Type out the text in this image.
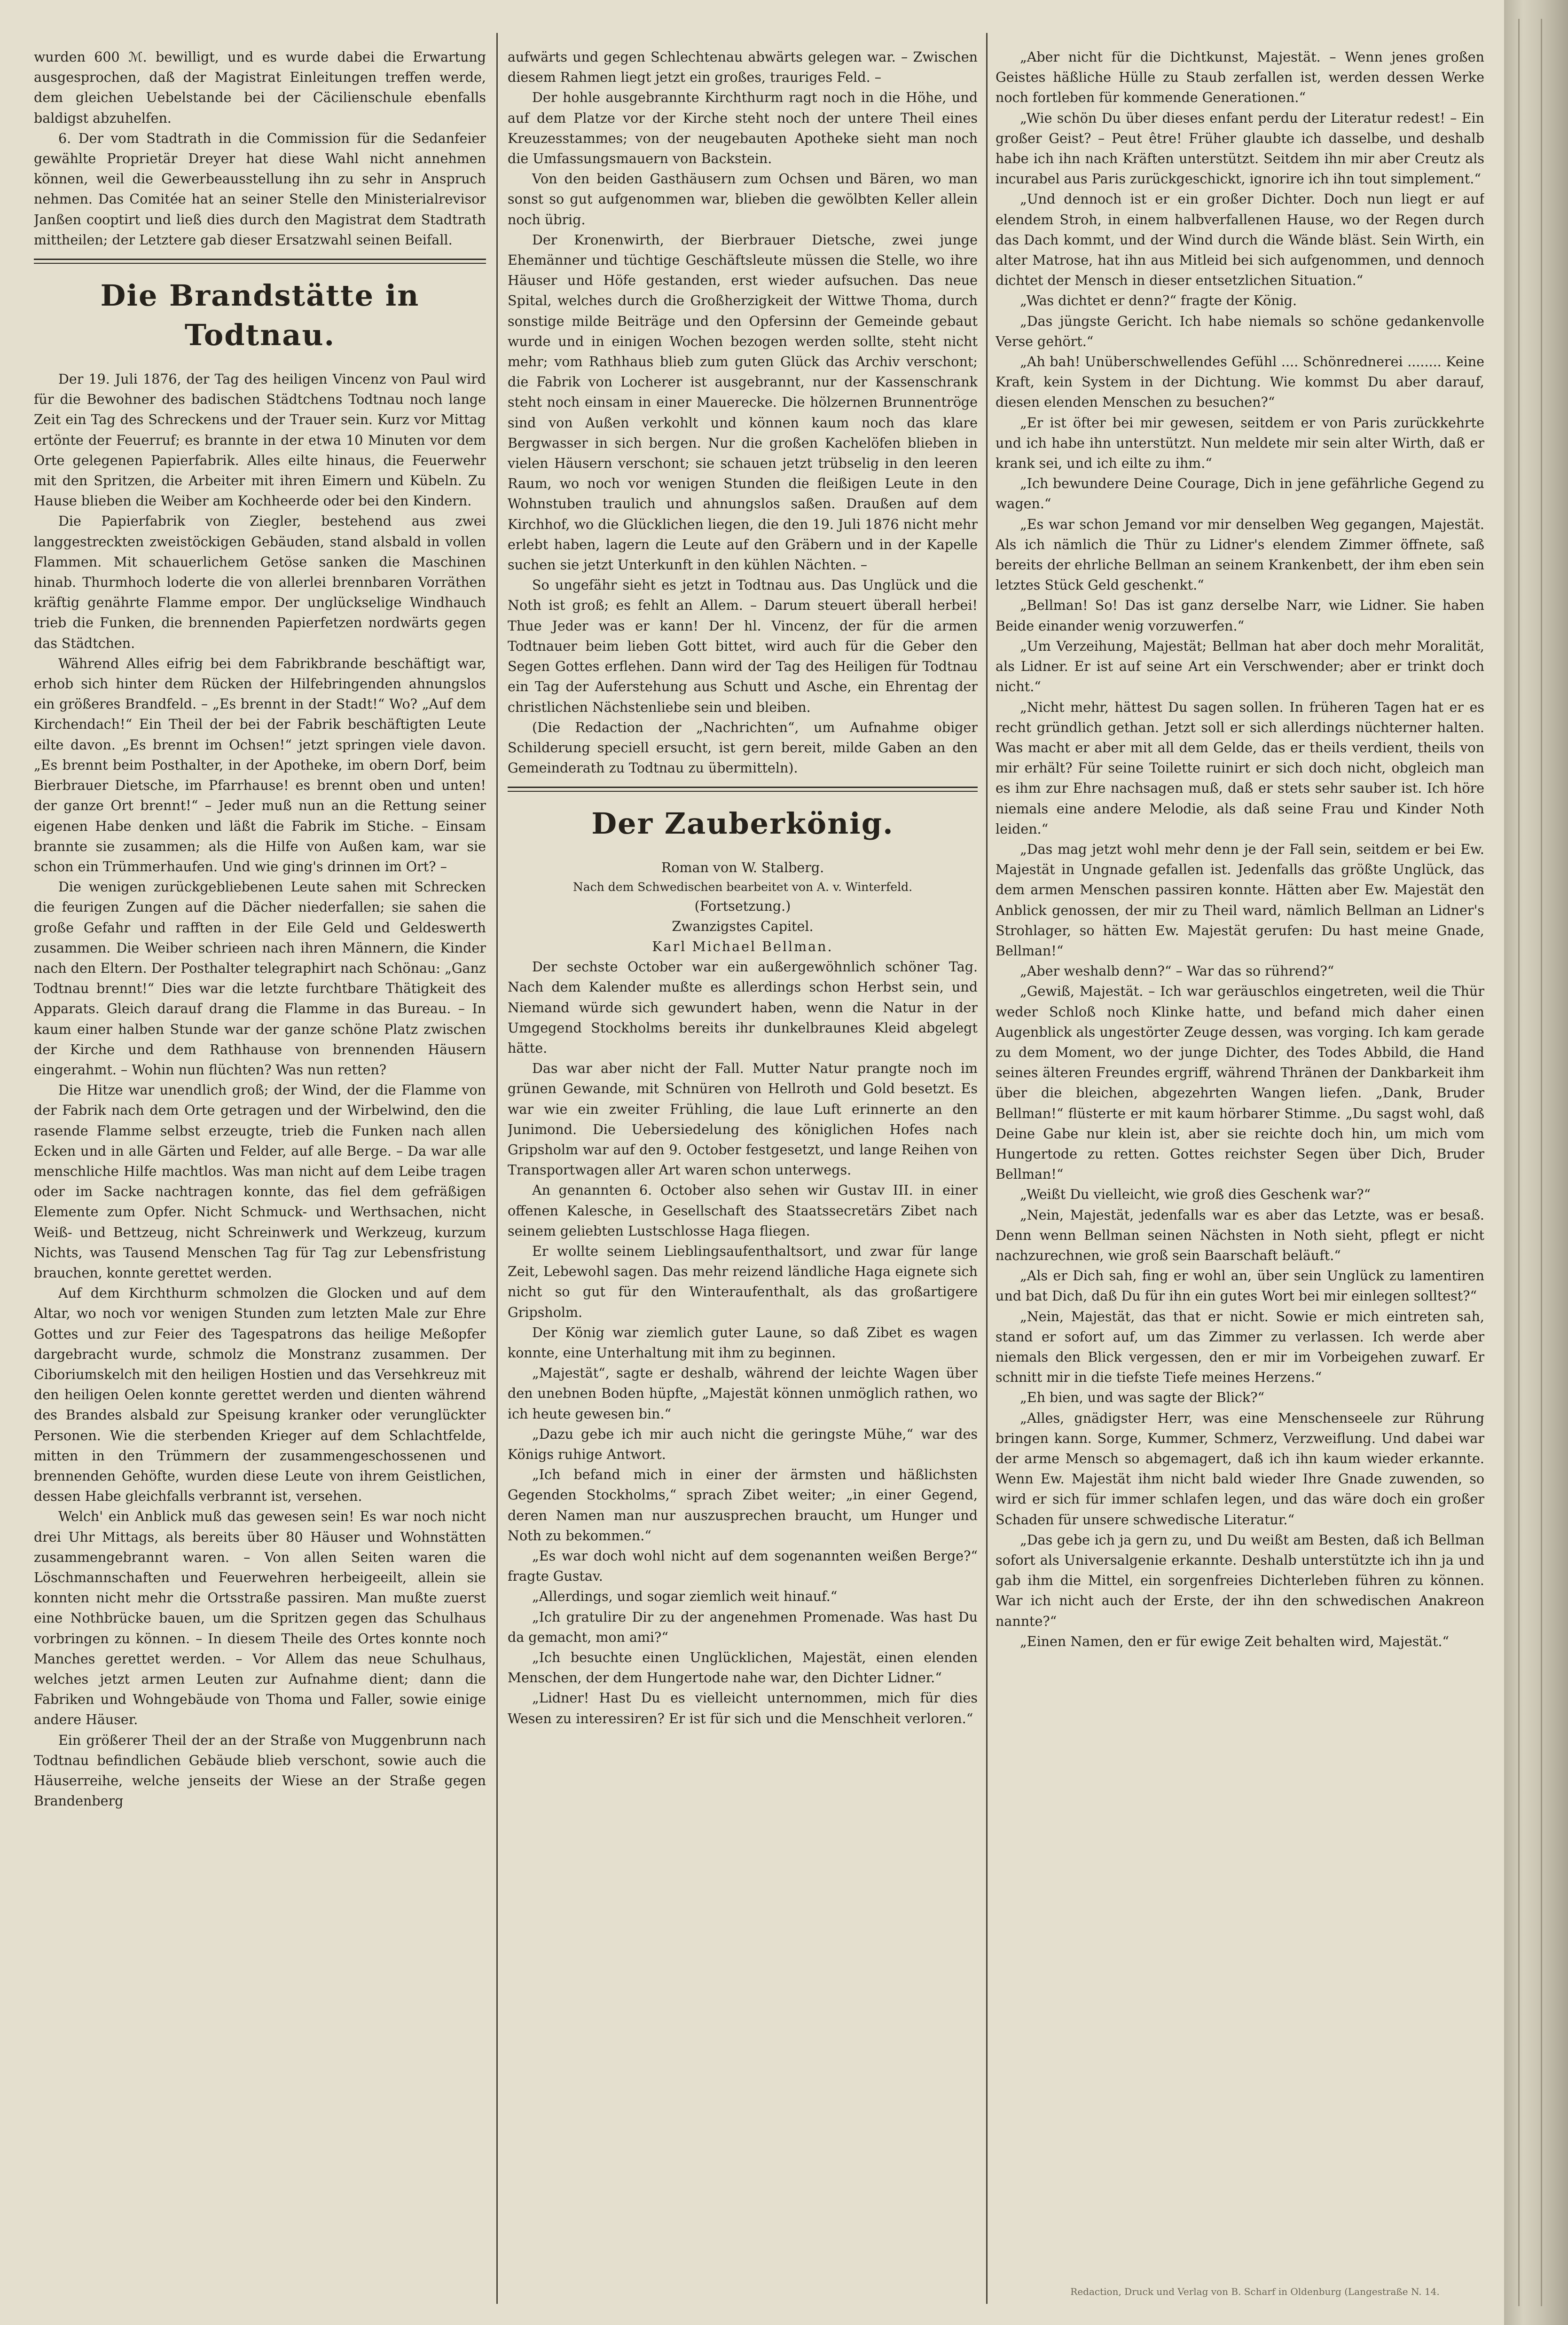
wurden 600 ℳ. bewilligt, und es wurde dabei die Erwartung ausgesprochen, daß der Magistrat Einleitungen treffen werde, dem gleichen Uebelstande bei der Cäcilienschule ebenfalls baldigst abzuhelfen.

6. Der vom Stadtrath in die Commission für die Sedanfeier gewählte Proprietär Dreyer hat diese Wahl nicht annehmen können, weil die Gewerbeausstellung ihn zu sehr in Anspruch nehmen. Das Comitée hat an seiner Stelle den Ministerialrevisor Janßen cooptirt und ließ dies durch den Magistrat dem Stadtrath mittheilen; der Letztere gab dieser Ersatzwahl seinen Beifall.

Die Brandstätte in Todtnau.

Der 19. Juli 1876, der Tag des heiligen Vincenz von Paul wird für die Bewohner des badischen Städtchens Todtnau noch lange Zeit ein Tag des Schreckens und der Trauer sein. Kurz vor Mittag ertönte der Feuerruf; es brannte in der etwa 10 Minuten vor dem Orte gelegenen Papierfabrik. Alles eilte hinaus, die Feuerwehr mit den Spritzen, die Arbeiter mit ihren Eimern und Kübeln. Zu Hause blieben die Weiber am Kochheerde oder bei den Kindern.

Die Papierfabrik von Ziegler, bestehend aus zwei langgestreckten zweistöckigen Gebäuden, stand alsbald in vollen Flammen. Mit schauerlichem Getöse sanken die Maschinen hinab. Thurmhoch loderte die von allerlei brennbaren Vorräthen kräftig genährte Flamme empor. Der unglückselige Windhauch trieb die Funken, die brennenden Papierfetzen nordwärts gegen das Städtchen.

Während Alles eifrig bei dem Fabrikbrande beschäftigt war, erhob sich hinter dem Rücken der Hilfebringenden ahnungslos ein größeres Brandfeld. – „Es brennt in der Stadt!“ Wo? „Auf dem Kirchendach!“ Ein Theil der bei der Fabrik beschäftigten Leute eilte davon. „Es brennt im Ochsen!“ jetzt springen viele davon. „Es brennt beim Posthalter, in der Apotheke, im obern Dorf, beim Bierbrauer Dietsche, im Pfarrhause! es brennt oben und unten! der ganze Ort brennt!“ – Jeder muß nun an die Rettung seiner eigenen Habe denken und läßt die Fabrik im Stiche. – Einsam brannte sie zusammen; als die Hilfe von Außen kam, war sie schon ein Trümmerhaufen. Und wie ging's drinnen im Ort? –

Die wenigen zurückgebliebenen Leute sahen mit Schrecken die feurigen Zungen auf die Dächer niederfallen; sie sahen die große Gefahr und rafften in der Eile Geld und Geldeswerth zusammen. Die Weiber schrieen nach ihren Männern, die Kinder nach den Eltern. Der Posthalter telegraphirt nach Schönau: „Ganz Todtnau brennt!“ Dies war die letzte furchtbare Thätigkeit des Apparats. Gleich darauf drang die Flamme in das Bureau. – In kaum einer halben Stunde war der ganze schöne Platz zwischen der Kirche und dem Rathhause von brennenden Häusern eingerahmt. – Wohin nun flüchten? Was nun retten?

Die Hitze war unendlich groß; der Wind, der die Flamme von der Fabrik nach dem Orte getragen und der Wirbelwind, den die rasende Flamme selbst erzeugte, trieb die Funken nach allen Ecken und in alle Gärten und Felder, auf alle Berge. – Da war alle menschliche Hilfe machtlos. Was man nicht auf dem Leibe tragen oder im Sacke nachtragen konnte, das fiel dem gefräßigen Elemente zum Opfer. Nicht Schmuck- und Werthsachen, nicht Weiß- und Bettzeug, nicht Schreinwerk und Werkzeug, kurzum Nichts, was Tausend Menschen Tag für Tag zur Lebensfristung brauchen, konnte gerettet werden.

Auf dem Kirchthurm schmolzen die Glocken und auf dem Altar, wo noch vor wenigen Stunden zum letzten Male zur Ehre Gottes und zur Feier des Tagespatrons das heilige Meßopfer dargebracht wurde, schmolz die Monstranz zusammen. Der Ciboriumskelch mit den heiligen Hostien und das Versehkreuz mit den heiligen Oelen konnte gerettet werden und dienten während des Brandes alsbald zur Speisung kranker oder verunglückter Personen. Wie die sterbenden Krieger auf dem Schlachtfelde, mitten in den Trümmern der zusammengeschossenen und brennenden Gehöfte, wurden diese Leute von ihrem Geistlichen, dessen Habe gleichfalls verbrannt ist, versehen.

Welch' ein Anblick muß das gewesen sein! Es war noch nicht drei Uhr Mittags, als bereits über 80 Häuser und Wohnstätten zusammengebrannt waren. – Von allen Seiten waren die Löschmannschaften und Feuerwehren herbeigeeilt, allein sie konnten nicht mehr die Ortsstraße passiren. Man mußte zuerst eine Nothbrücke bauen, um die Spritzen gegen das Schulhaus vorbringen zu können. – In diesem Theile des Ortes konnte noch Manches gerettet werden. – Vor Allem das neue Schulhaus, welches jetzt armen Leuten zur Aufnahme dient; dann die Fabriken und Wohngebäude von Thoma und Faller, sowie einige andere Häuser.

Ein größerer Theil der an der Straße von Muggenbrunn nach Todtnau befindlichen Gebäude blieb verschont, sowie auch die Häuserreihe, welche jenseits der Wiese an der Straße gegen Brandenberg

aufwärts und gegen Schlechtenau abwärts gelegen war. – Zwischen diesem Rahmen liegt jetzt ein großes, trauriges Feld. –

Der hohle ausgebrannte Kirchthurm ragt noch in die Höhe, und auf dem Platze vor der Kirche steht noch der untere Theil eines Kreuzesstammes; von der neugebauten Apotheke sieht man noch die Umfassungsmauern von Backstein.

Von den beiden Gasthäusern zum Ochsen und Bären, wo man sonst so gut aufgenommen war, blieben die gewölbten Keller allein noch übrig.

Der Kronenwirth, der Bierbrauer Dietsche, zwei junge Ehemänner und tüchtige Geschäftsleute müssen die Stelle, wo ihre Häuser und Höfe gestanden, erst wieder aufsuchen. Das neue Spital, welches durch die Großherzigkeit der Wittwe Thoma, durch sonstige milde Beiträge und den Opfersinn der Gemeinde gebaut wurde und in einigen Wochen bezogen werden sollte, steht nicht mehr; vom Rathhaus blieb zum guten Glück das Archiv verschont; die Fabrik von Locherer ist ausgebrannt, nur der Kassenschrank steht noch einsam in einer Mauerecke. Die hölzernen Brunnentröge sind von Außen verkohlt und können kaum noch das klare Bergwasser in sich bergen. Nur die großen Kachelöfen blieben in vielen Häusern verschont; sie schauen jetzt trübselig in den leeren Raum, wo noch vor wenigen Stunden die fleißigen Leute in den Wohnstuben traulich und ahnungslos saßen. Draußen auf dem Kirchhof, wo die Glücklichen liegen, die den 19. Juli 1876 nicht mehr erlebt haben, lagern die Leute auf den Gräbern und in der Kapelle suchen sie jetzt Unterkunft in den kühlen Nächten. –

So ungefähr sieht es jetzt in Todtnau aus. Das Unglück und die Noth ist groß; es fehlt an Allem. – Darum steuert überall herbei! Thue Jeder was er kann! Der hl. Vincenz, der für die armen Todtnauer beim lieben Gott bittet, wird auch für die Geber den Segen Gottes erflehen. Dann wird der Tag des Heiligen für Todtnau ein Tag der Auferstehung aus Schutt und Asche, ein Ehrentag der christlichen Nächstenliebe sein und bleiben.

(Die Redaction der „Nachrichten“, um Aufnahme obiger Schilderung speciell ersucht, ist gern bereit, milde Gaben an den Gemeinderath zu Todtnau zu übermitteln).

Der Zauberkönig.

Roman von W. Stalberg.

Nach dem Schwedischen bearbeitet von A. v. Winterfeld.

(Fortsetzung.)

Zwanzigstes Capitel.

Karl Michael Bellman.

Der sechste October war ein außergewöhnlich schöner Tag. Nach dem Kalender mußte es allerdings schon Herbst sein, und Niemand würde sich gewundert haben, wenn die Natur in der Umgegend Stockholms bereits ihr dunkelbraunes Kleid abgelegt hätte.

Das war aber nicht der Fall. Mutter Natur prangte noch im grünen Gewande, mit Schnüren von Hellroth und Gold besetzt. Es war wie ein zweiter Frühling, die laue Luft erinnerte an den Junimond. Die Uebersiedelung des königlichen Hofes nach Gripsholm war auf den 9. October festgesetzt, und lange Reihen von Transportwagen aller Art waren schon unterwegs.

An genannten 6. October also sehen wir Gustav III. in einer offenen Kalesche, in Gesellschaft des Staatssecretärs Zibet nach seinem geliebten Lustschlosse Haga fliegen.

Er wollte seinem Lieblingsaufenthaltsort, und zwar für lange Zeit, Lebewohl sagen. Das mehr reizend ländliche Haga eignete sich nicht so gut für den Winteraufenthalt, als das großartigere Gripsholm.

Der König war ziemlich guter Laune, so daß Zibet es wagen konnte, eine Unterhaltung mit ihm zu beginnen.

„Majestät“, sagte er deshalb, während der leichte Wagen über den unebnen Boden hüpfte, „Majestät können unmöglich rathen, wo ich heute gewesen bin.“

„Dazu gebe ich mir auch nicht die geringste Mühe,“ war des Königs ruhige Antwort.

„Ich befand mich in einer der ärmsten und häßlichsten Gegenden Stockholms,“ sprach Zibet weiter; „in einer Gegend, deren Namen man nur auszusprechen braucht, um Hunger und Noth zu bekommen.“

„Es war doch wohl nicht auf dem sogenannten weißen Berge?“ fragte Gustav.

„Allerdings, und sogar ziemlich weit hinauf.“

„Ich gratulire Dir zu der angenehmen Promenade. Was hast Du da gemacht, mon ami?“

„Ich besuchte einen Unglücklichen, Majestät, einen elenden Menschen, der dem Hungertode nahe war, den Dichter Lidner.“

„Lidner! Hast Du es vielleicht unternommen, mich für dies Wesen zu interessiren? Er ist für sich und die Menschheit verloren.“

„Aber nicht für die Dichtkunst, Majestät. – Wenn jenes großen Geistes häßliche Hülle zu Staub zerfallen ist, werden dessen Werke noch fortleben für kommende Generationen.“

„Wie schön Du über dieses enfant perdu der Literatur redest! – Ein großer Geist? – Peut être! Früher glaubte ich dasselbe, und deshalb habe ich ihn nach Kräften unterstützt. Seitdem ihn mir aber Creutz als incurabel aus Paris zurückgeschickt, ignorire ich ihn tout simplement.“

„Und dennoch ist er ein großer Dichter. Doch nun liegt er auf elendem Stroh, in einem halbverfallenen Hause, wo der Regen durch das Dach kommt, und der Wind durch die Wände bläst. Sein Wirth, ein alter Matrose, hat ihn aus Mitleid bei sich aufgenommen, und dennoch dichtet der Mensch in dieser entsetzlichen Situation.“

„Was dichtet er denn?“ fragte der König.

„Das jüngste Gericht. Ich habe niemals so schöne gedankenvolle Verse gehört.“

„Ah bah! Unüberschwellendes Gefühl .... Schönrednerei ........ Keine Kraft, kein System in der Dichtung. Wie kommst Du aber darauf, diesen elenden Menschen zu besuchen?“

„Er ist öfter bei mir gewesen, seitdem er von Paris zurückkehrte und ich habe ihn unterstützt. Nun meldete mir sein alter Wirth, daß er krank sei, und ich eilte zu ihm.“

„Ich bewundere Deine Courage, Dich in jene gefährliche Gegend zu wagen.“

„Es war schon Jemand vor mir denselben Weg gegangen, Majestät. Als ich nämlich die Thür zu Lidner's elendem Zimmer öffnete, saß bereits der ehrliche Bellman an seinem Krankenbett, der ihm eben sein letztes Stück Geld geschenkt.“

„Bellman! So! Das ist ganz derselbe Narr, wie Lidner. Sie haben Beide einander wenig vorzuwerfen.“

„Um Verzeihung, Majestät; Bellman hat aber doch mehr Moralität, als Lidner. Er ist auf seine Art ein Verschwender; aber er trinkt doch nicht.“

„Nicht mehr, hättest Du sagen sollen. In früheren Tagen hat er es recht gründlich gethan. Jetzt soll er sich allerdings nüchterner halten. Was macht er aber mit all dem Gelde, das er theils verdient, theils von mir erhält? Für seine Toilette ruinirt er sich doch nicht, obgleich man es ihm zur Ehre nachsagen muß, daß er stets sehr sauber ist. Ich höre niemals eine andere Melodie, als daß seine Frau und Kinder Noth leiden.“

„Das mag jetzt wohl mehr denn je der Fall sein, seitdem er bei Ew. Majestät in Ungnade gefallen ist. Jedenfalls das größte Unglück, das dem armen Menschen passiren konnte. Hätten aber Ew. Majestät den Anblick genossen, der mir zu Theil ward, nämlich Bellman an Lidner's Strohlager, so hätten Ew. Majestät gerufen: Du hast meine Gnade, Bellman!“

„Aber weshalb denn?“ – War das so rührend?“

„Gewiß, Majestät. – Ich war geräuschlos eingetreten, weil die Thür weder Schloß noch Klinke hatte, und befand mich daher einen Augenblick als ungestörter Zeuge dessen, was vorging. Ich kam gerade zu dem Moment, wo der junge Dichter, des Todes Abbild, die Hand seines älteren Freundes ergriff, während Thränen der Dankbarkeit ihm über die bleichen, abgezehrten Wangen liefen. „Dank, Bruder Bellman!“ flüsterte er mit kaum hörbarer Stimme. „Du sagst wohl, daß Deine Gabe nur klein ist, aber sie reichte doch hin, um mich vom Hungertode zu retten. Gottes reichster Segen über Dich, Bruder Bellman!“

„Weißt Du vielleicht, wie groß dies Geschenk war?“

„Nein, Majestät, jedenfalls war es aber das Letzte, was er besaß. Denn wenn Bellman seinen Nächsten in Noth sieht, pflegt er nicht nachzurechnen, wie groß sein Baarschaft beläuft.“

„Als er Dich sah, fing er wohl an, über sein Unglück zu lamentiren und bat Dich, daß Du für ihn ein gutes Wort bei mir einlegen solltest?“

„Nein, Majestät, das that er nicht. Sowie er mich eintreten sah, stand er sofort auf, um das Zimmer zu verlassen. Ich werde aber niemals den Blick vergessen, den er mir im Vorbeigehen zuwarf. Er schnitt mir in die tiefste Tiefe meines Herzens.“

„Eh bien, und was sagte der Blick?“

„Alles, gnädigster Herr, was eine Menschenseele zur Rührung bringen kann. Sorge, Kummer, Schmerz, Verzweiflung. Und dabei war der arme Mensch so abgemagert, daß ich ihn kaum wieder erkannte. Wenn Ew. Majestät ihm nicht bald wieder Ihre Gnade zuwenden, so wird er sich für immer schlafen legen, und das wäre doch ein großer Schaden für unsere schwedische Literatur.“

„Das gebe ich ja gern zu, und Du weißt am Besten, daß ich Bellman sofort als Universalgenie erkannte. Deshalb unterstützte ich ihn ja und gab ihm die Mittel, ein sorgenfreies Dichterleben führen zu können. War ich nicht auch der Erste, der ihn den schwedischen Anakreon nannte?“

„Einen Namen, den er für ewige Zeit behalten wird, Majestät.“

Redaction, Druck und Verlag von B. Scharf in Oldenburg (Langestraße N. 14.
